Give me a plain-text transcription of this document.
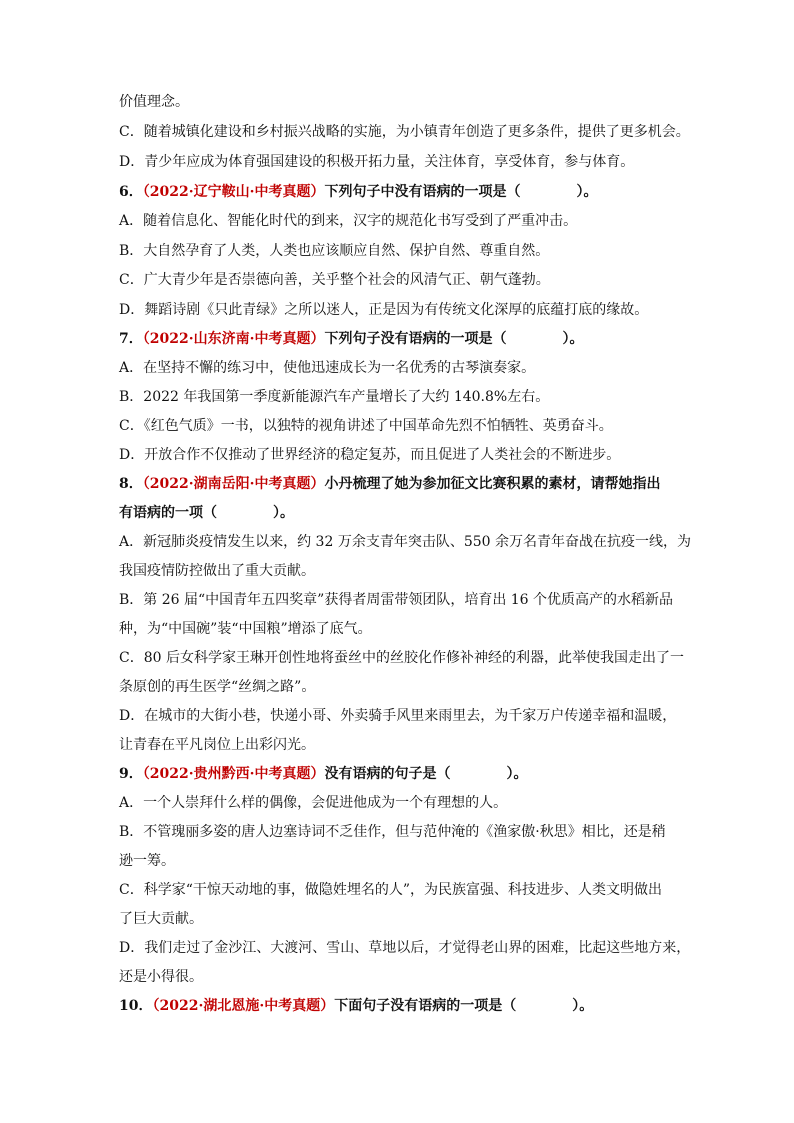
价值理念。
C．随着城镇化建设和乡村振兴战略的实施，为小镇青年创造了更多条件，提供了更多机会。
D．青少年应成为体育强国建设的积极开拓力量，关注体育，享受体育，参与体育。
6．（2022·辽宁鞍山·中考真题）下列句子中没有语病的一项是（　　　　）。
A．随着信息化、智能化时代的到来，汉字的规范化书写受到了严重冲击。
B．大自然孕育了人类，人类也应该顺应自然、保护自然、尊重自然。
C．广大青少年是否崇德向善，关乎整个社会的风清气正、朝气蓬勃。
D．舞蹈诗剧《只此青绿》之所以迷人，正是因为有传统文化深厚的底蕴打底的缘故。
7．（2022·山东济南·中考真题）下列句子没有语病的一项是（　　　　）。
A．在坚持不懈的练习中，使他迅速成长为一名优秀的古琴演奏家。
B．2022 年我国第一季度新能源汽车产量增长了大约 140.8%左右。
C．《红色气质》一书，以独特的视角讲述了中国革命先烈不怕牺牲、英勇奋斗。
D．开放合作不仅推动了世界经济的稳定复苏，而且促进了人类社会的不断进步。
8．（2022·湖南岳阳·中考真题）小丹梳理了她为参加征文比赛积累的素材，请帮她指出
有语病的一项（　　　　）。
A．新冠肺炎疫情发生以来，约 32 万余支青年突击队、550 余万名青年奋战在抗疫一线，为
我国疫情防控做出了重大贡献。
B．第 26 届“中国青年五四奖章”获得者周雷带领团队，培育出 16 个优质高产的水稻新品
种，为“中国碗”装“中国粮”增添了底气。
C．80 后女科学家王琳开创性地将蚕丝中的丝胶化作修补神经的利器，此举使我国走出了一
条原创的再生医学“丝绸之路”。
D．在城市的大街小巷，快递小哥、外卖骑手风里来雨里去，为千家万户传递幸福和温暖，
让青春在平凡岗位上出彩闪光。
9．（2022·贵州黔西·中考真题）没有语病的句子是（　　　　）。
A．一个人崇拜什么样的偶像，会促进他成为一个有理想的人。
B．不管瑰丽多姿的唐人边塞诗词不乏佳作，但与范仲淹的《渔家傲·秋思》相比，还是稍
逊一筹。
C．科学家“干惊天动地的事，做隐姓埋名的人”，为民族富强、科技进步、人类文明做出
了巨大贡献。
D．我们走过了金沙江、大渡河、雪山、草地以后，才觉得老山界的困难，比起这些地方来，
还是小得很。
10．（2022·湖北恩施·中考真题）下面句子没有语病的一项是（　　　　）。
